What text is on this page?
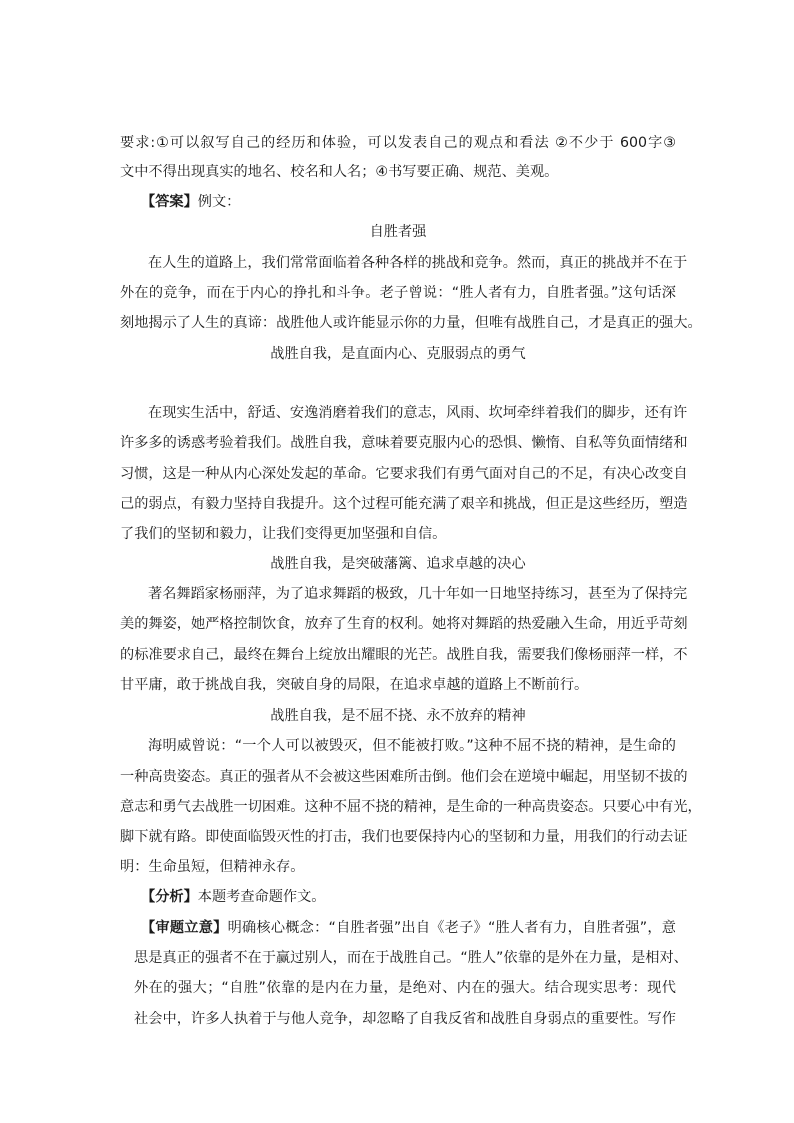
要求:①可以叙写自己的经历和体验，可以发表自己的观点和看法 ②不少于 600字③
文中不得出现真实的地名、校名和人名；④书写要正确、规范、美观。
【答案】例文：
自胜者强
在人生的道路上，我们常常面临着各种各样的挑战和竞争。然而，真正的挑战并不在于
外在的竞争，而在于内心的挣扎和斗争。老子曾说：“胜人者有力，自胜者强。”这句话深
刻地揭示了人生的真谛：战胜他人或许能显示你的力量，但唯有战胜自己，才是真正的强大。
战胜自我，是直面内心、克服弱点的勇气
在现实生活中，舒适、安逸消磨着我们的意志，风雨、坎坷牵绊着我们的脚步，还有许
许多多的诱惑考验着我们。战胜自我，意味着要克服内心的恐惧、懒惰、自私等负面情绪和
习惯，这是一种从内心深处发起的革命。它要求我们有勇气面对自己的不足，有决心改变自
己的弱点，有毅力坚持自我提升。这个过程可能充满了艰辛和挑战，但正是这些经历，塑造
了我们的坚韧和毅力，让我们变得更加坚强和自信。
战胜自我，是突破藩篱、追求卓越的决心
著名舞蹈家杨丽萍，为了追求舞蹈的极致，几十年如一日地坚持练习，甚至为了保持完
美的舞姿，她严格控制饮食，放弃了生育的权利。她将对舞蹈的热爱融入生命，用近乎苛刻
的标准要求自己，最终在舞台上绽放出耀眼的光芒。战胜自我，需要我们像杨丽萍一样，不
甘平庸，敢于挑战自我，突破自身的局限，在追求卓越的道路上不断前行。
战胜自我，是不屈不挠、永不放弃的精神
海明威曾说：“一个人可以被毁灭，但不能被打败。”这种不屈不挠的精神，是生命的
一种高贵姿态。真正的强者从不会被这些困难所击倒。他们会在逆境中崛起，用坚韧不拔的
意志和勇气去战胜一切困难。这种不屈不挠的精神，是生命的一种高贵姿态。只要心中有光，
脚下就有路。即使面临毁灭性的打击，我们也要保持内心的坚韧和力量，用我们的行动去证
明：生命虽短，但精神永存。
【分析】本题考查命题作文。
【审题立意】明确核心概念：“自胜者强”出自《老子》“胜人者有力，自胜者强”，意
思是真正的强者不在于赢过别人，而在于战胜自己。“胜人”依靠的是外在力量，是相对、
外在的强大；“自胜”依靠的是内在力量，是绝对、内在的强大。结合现实思考：现代
社会中，许多人执着于与他人竞争，却忽略了自我反省和战胜自身弱点的重要性。写作
